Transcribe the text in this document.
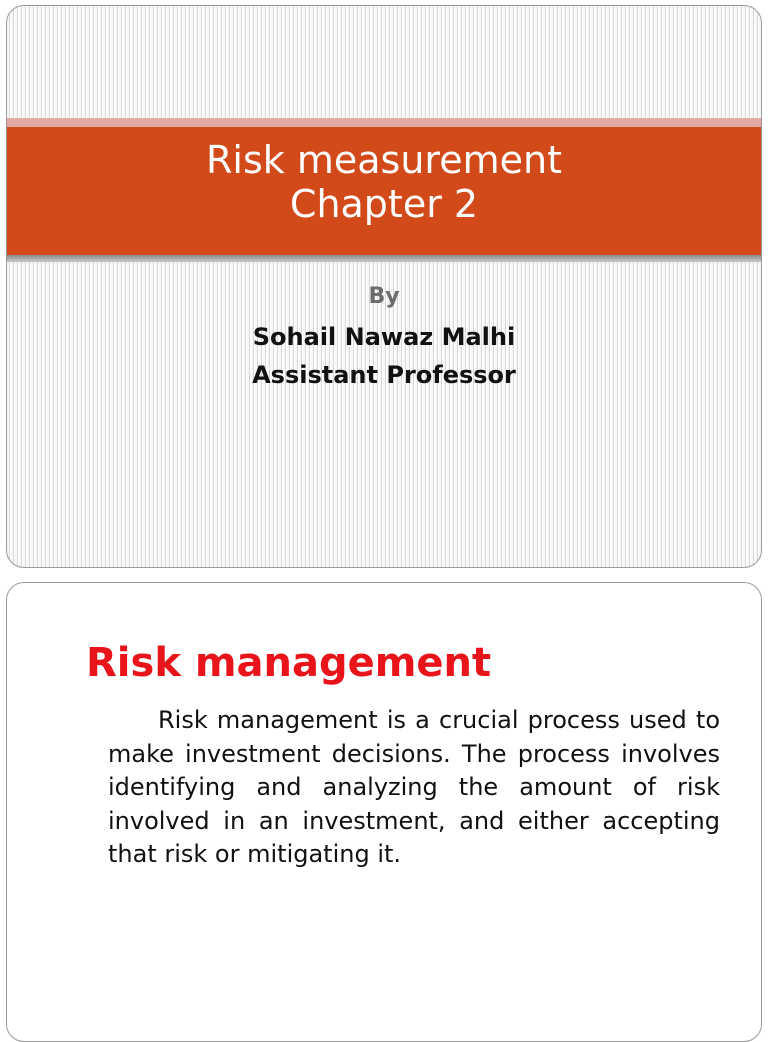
Risk measurement
Chapter 2
By
Sohail Nawaz Malhi
Assistant Professor
Risk management

Risk management is a crucial process used to make investment decisions. The process involves identifying and analyzing the amount of risk involved in an investment, and either accepting that risk or mitigating it.
